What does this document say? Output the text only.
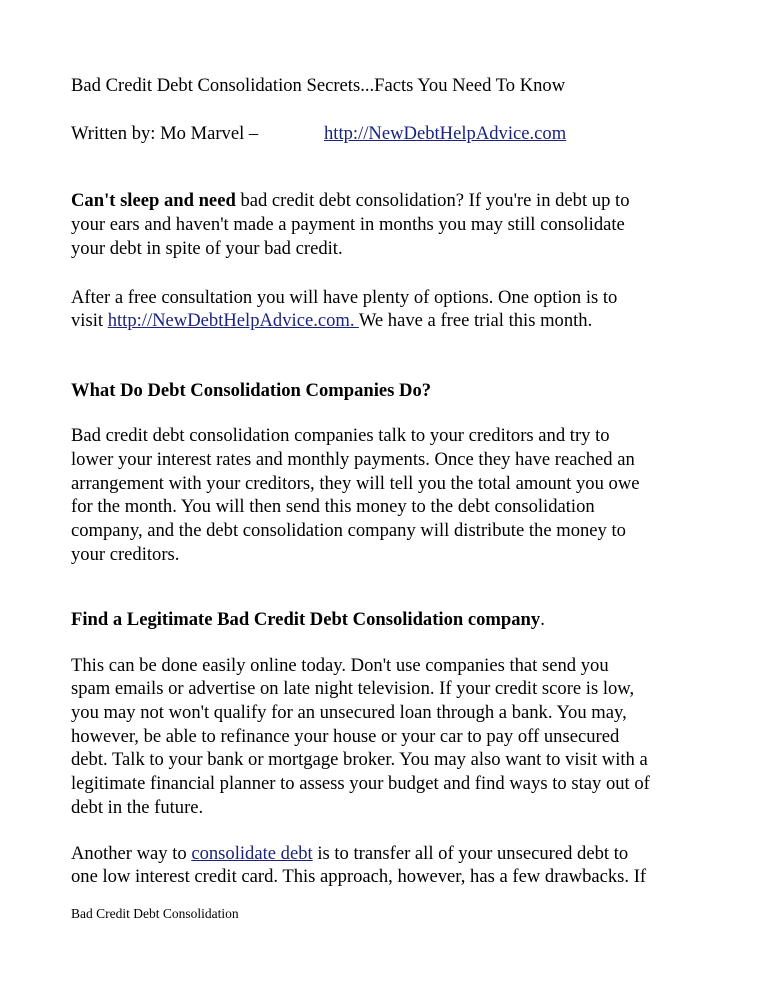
Bad Credit Debt Consolidation Secrets...Facts You Need To Know

Written by: Mo Marvel –	http://NewDebtHelpAdvice.com

Can't sleep and need bad credit debt consolidation? If you're in debt up to

your ears and haven't made a payment in months you may still consolidate

your debt in spite of your bad credit.

After a free consultation you will have plenty of options. One option is to

visit http://NewDebtHelpAdvice.com. We have a free trial this month.

What Do Debt Consolidation Companies Do?

Bad credit debt consolidation companies talk to your creditors and try to

lower your interest rates and monthly payments. Once they have reached an

arrangement with your creditors, they will tell you the total amount you owe

for the month. You will then send this money to the debt consolidation

company, and the debt consolidation company will distribute the money to

your creditors.

Find a Legitimate Bad Credit Debt Consolidation company.

This can be done easily online today. Don't use companies that send you

spam emails or advertise on late night television. If your credit score is low,

you may not won't qualify for an unsecured loan through a bank. You may,

however, be able to refinance your house or your car to pay off unsecured

debt. Talk to your bank or mortgage broker. You may also want to visit with a

legitimate financial planner to assess your budget and find ways to stay out of

debt in the future.

Another way to consolidate debt is to transfer all of your unsecured debt to

one low interest credit card. This approach, however, has a few drawbacks. If

Bad Credit Debt Consolidation
